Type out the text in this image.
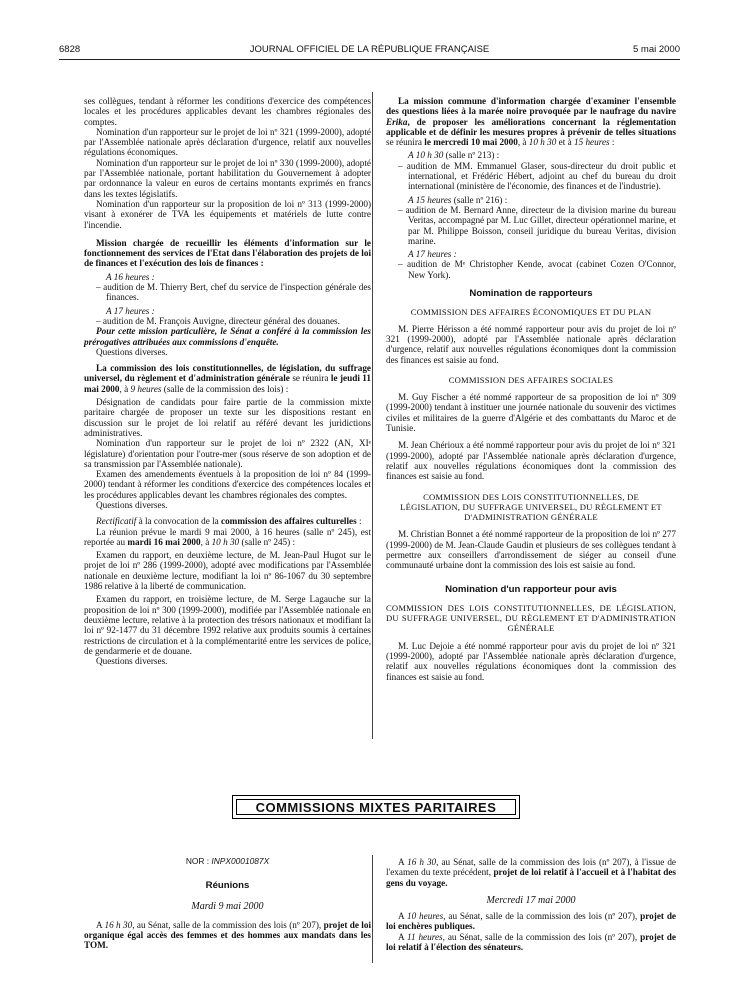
6828	JOURNAL OFFICIEL DE LA RÉPUBLIQUE FRANÇAISE	5 mai 2000

ses collègues, tendant à réformer les conditions d'exercice des compétences locales et les procédures applicables devant les chambres régionales des comptes.

Nomination d'un rapporteur sur le projet de loi nº 321 (1999-2000), adopté par l'Assemblée nationale après déclaration d'urgence, relatif aux nouvelles régulations économiques.

Nomination d'un rapporteur sur le projet de loi nº 330 (1999-2000), adopté par l'Assemblée nationale, portant habilitation du Gouvernement à adopter par ordonnance la valeur en euros de certains montants exprimés en francs dans les textes législatifs.

Nomination d'un rapporteur sur la proposition de loi nº 313 (1999-2000) visant à exonérer de TVA les équipements et matériels de lutte contre l'incendie.

Mission chargée de recueillir les éléments d'information sur le fonctionnement des services de l'Etat dans l'élaboration des projets de loi de finances et l'exécution des lois de finances :

A 16 heures :

– audition de M. Thierry Bert, chef du service de l'inspection générale des finances.

A 17 heures :

– audition de M. François Auvigne, directeur général des douanes.

Pour cette mission particulière, le Sénat a conféré à la commission les prérogatives attribuées aux commissions d'enquête.

Questions diverses.

La commission des lois constitutionnelles, de législation, du suffrage universel, du règlement et d'administration générale se réunira le jeudi 11 mai 2000, à 9 heures (salle de la commission des lois) :

Désignation de candidats pour faire partie de la commission mixte paritaire chargée de proposer un texte sur les dispositions restant en discussion sur le projet de loi relatif au référé devant les juridictions administratives.

Nomination d'un rapporteur sur le projet de loi nº 2322 (AN, XIᵉ législature) d'orientation pour l'outre-mer (sous réserve de son adoption et de sa transmission par l'Assemblée nationale).

Examen des amendements éventuels à la proposition de loi nº 84 (1999-2000) tendant à réformer les conditions d'exercice des compétences locales et les procédures applicables devant les chambres régionales des comptes.

Questions diverses.

Rectificatif à la convocation de la commission des affaires culturelles :

La réunion prévue le mardi 9 mai 2000, à 16 heures (salle nº 245), est reportée au mardi 16 mai 2000, à 10 h 30 (salle nº 245) :

Examen du rapport, en deuxième lecture, de M. Jean-Paul Hugot sur le projet de loi nº 286 (1999-2000), adopté avec modifications par l'Assemblée nationale en deuxième lecture, modifiant la loi nº 86-1067 du 30 septembre 1986 relative à la liberté de communication.

Examen du rapport, en troisième lecture, de M. Serge Lagauche sur la proposition de loi nº 300 (1999-2000), modifiée par l'Assemblée nationale en deuxième lecture, relative à la protection des trésors nationaux et modifiant la loi nº 92-1477 du 31 décembre 1992 relative aux produits soumis à certaines restrictions de circulation et à la complémentarité entre les services de police, de gendarmerie et de douane.

Questions diverses.

La mission commune d'information chargée d'examiner l'ensemble des questions liées à la marée noire provoquée par le naufrage du navire Erika, de proposer les améliorations concernant la réglementation applicable et de définir les mesures propres à prévenir de telles situations se réunira le mercredi 10 mai 2000, à 10 h 30 et à 15 heures :

A 10 h 30 (salle nº 213) :

– audition de MM. Emmanuel Glaser, sous-directeur du droit public et international, et Frédéric Hébert, adjoint au chef du bureau du droit international (ministère de l'économie, des finances et de l'industrie).

A 15 heures (salle nº 216) :

– audition de M. Bernard Anne, directeur de la division marine du bureau Veritas, accompagné par M. Luc Gillet, directeur opérationnel marine, et par M. Philippe Boisson, conseil juridique du bureau Veritas, division marine.

A 17 heures :

– audition de Mᵉ Christopher Kende, avocat (cabinet Cozen O'Connor, New York).

Nomination de rapporteurs

COMMISSION DES AFFAIRES ÉCONOMIQUES ET DU PLAN

M. Pierre Hérisson a été nommé rapporteur pour avis du projet de loi nº 321 (1999-2000), adopté par l'Assemblée nationale après déclaration d'urgence, relatif aux nouvelles régulations économiques dont la commission des finances est saisie au fond.

COMMISSION DES AFFAIRES SOCIALES

M. Guy Fischer a été nommé rapporteur de sa proposition de loi nº 309 (1999-2000) tendant à instituer une journée nationale du souvenir des victimes civiles et militaires de la guerre d'Algérie et des combattants du Maroc et de Tunisie.

M. Jean Chérioux a été nommé rapporteur pour avis du projet de loi nº 321 (1999-2000), adopté par l'Assemblée nationale après déclaration d'urgence, relatif aux nouvelles régulations économiques dont la commission des finances est saisie au fond.

COMMISSION DES LOIS CONSTITUTIONNELLES, DE LÉGISLATION, DU SUFFRAGE UNIVERSEL, DU RÈGLEMENT ET D'ADMINISTRATION GÉNÉRALE

M. Christian Bonnet a été nommé rapporteur de la proposition de loi nº 277 (1999-2000) de M. Jean-Claude Gaudin et plusieurs de ses collègues tendant à permettre aux conseillers d'arrondissement de siéger au conseil d'une communauté urbaine dont la commission des lois est saisie au fond.

Nomination d'un rapporteur pour avis

COMMISSION DES LOIS CONSTITUTIONNELLES, DE LÉGISLATION, DU SUFFRAGE UNIVERSEL, DU RÈGLEMENT ET D'ADMINISTRATION GÉNÉRALE

M. Luc Dejoie a été nommé rapporteur pour avis du projet de loi nº 321 (1999-2000), adopté par l'Assemblée nationale après déclaration d'urgence, relatif aux nouvelles régulations économiques dont la commission des finances est saisie au fond.

COMMISSIONS MIXTES PARITAIRES

NOR : INPX0001087X

Réunions

Mardi 9 mai 2000

A 16 h 30, au Sénat, salle de la commission des lois (nº 207), projet de loi organique égal accès des femmes et des hommes aux mandats dans les TOM.

A 16 h 30, au Sénat, salle de la commission des lois (nº 207), à l'issue de l'examen du texte précédent, projet de loi relatif à l'accueil et à l'habitat des gens du voyage.

Mercredi 17 mai 2000

A 10 heures, au Sénat, salle de la commission des lois (nº 207), projet de loi enchères publiques.

A 11 heures, au Sénat, salle de la commission des lois (nº 207), projet de loi relatif à l'élection des sénateurs.
